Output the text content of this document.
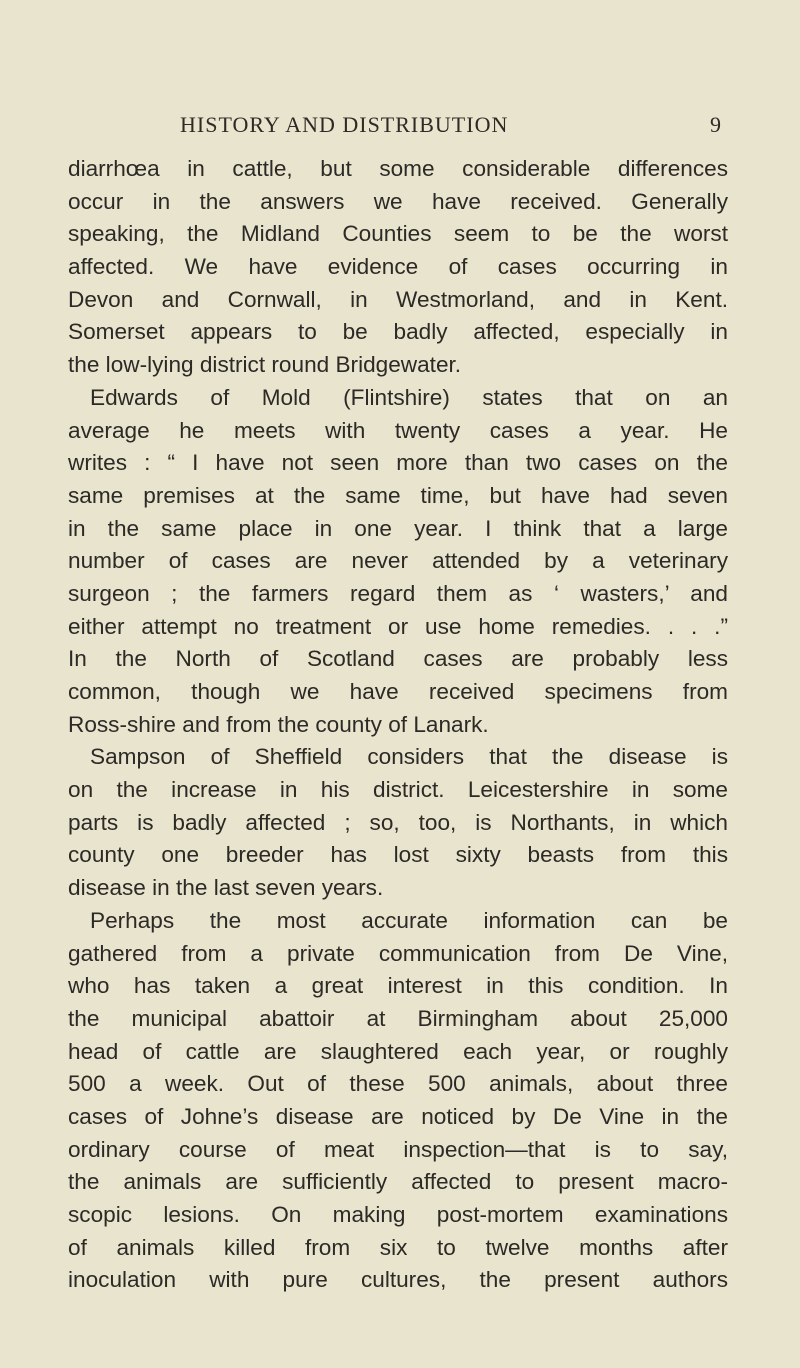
HISTORY AND DISTRIBUTION	9
diarrhœa in cattle, but some considerable differences
occur in the answers we have received. Generally
speaking, the Midland Counties seem to be the worst
affected. We have evidence of cases occurring in
Devon and Cornwall, in Westmorland, and in Kent.
Somerset appears to be badly affected, especially in
the low-lying district round Bridgewater.
Edwards of Mold (Flintshire) states that on an
average he meets with twenty cases a year. He
writes : “ I have not seen more than two cases on the
same premises at the same time, but have had seven
in the same place in one year. I think that a large
number of cases are never attended by a veterinary
surgeon ; the farmers regard them as ‘ wasters,’ and
either attempt no treatment or use home remedies. . . .”
In the North of Scotland cases are probably less
common, though we have received specimens from
Ross-shire and from the county of Lanark.
Sampson of Sheffield considers that the disease is
on the increase in his district. Leicestershire in some
parts is badly affected ; so, too, is Northants, in which
county one breeder has lost sixty beasts from this
disease in the last seven years.
Perhaps the most accurate information can be
gathered from a private communication from De Vine,
who has taken a great interest in this condition. In
the municipal abattoir at Birmingham about 25,000
head of cattle are slaughtered each year, or roughly
500 a week. Out of these 500 animals, about three
cases of Johne’s disease are noticed by De Vine in the
ordinary course of meat inspection—that is to say,
the animals are sufficiently affected to present macro-
scopic lesions. On making post-mortem examinations
of animals killed from six to twelve months after
inoculation with pure cultures, the present authors
